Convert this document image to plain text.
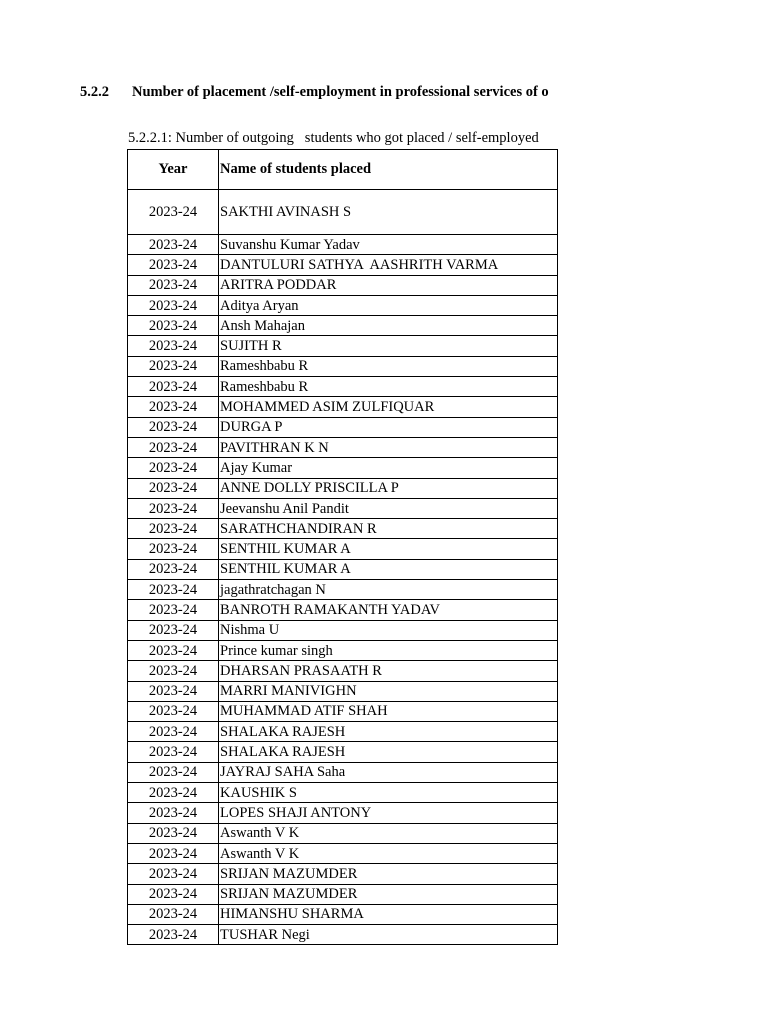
5.2.2 Number of placement /self-employment in professional services of o
5.2.2.1: Number of outgoing   students who got placed / self-employed
Year	Name of students placed
2023-24	SAKTHI AVINASH S
2023-24	Suvanshu Kumar Yadav
2023-24	DANTULURI SATHYA  AASHRITH VARMA
2023-24	ARITRA PODDAR
2023-24	Aditya Aryan
2023-24	Ansh Mahajan
2023-24	SUJITH R
2023-24	Rameshbabu R
2023-24	Rameshbabu R
2023-24	MOHAMMED ASIM ZULFIQUAR
2023-24	DURGA P
2023-24	PAVITHRAN K N
2023-24	Ajay Kumar
2023-24	ANNE DOLLY PRISCILLA P
2023-24	Jeevanshu Anil Pandit
2023-24	SARATHCHANDIRAN R
2023-24	SENTHIL KUMAR A
2023-24	SENTHIL KUMAR A
2023-24	jagathratchagan N
2023-24	BANROTH RAMAKANTH YADAV
2023-24	Nishma U
2023-24	Prince kumar singh
2023-24	DHARSAN PRASAATH R
2023-24	MARRI MANIVIGHN
2023-24	MUHAMMAD ATIF SHAH
2023-24	SHALAKA RAJESH
2023-24	SHALAKA RAJESH
2023-24	JAYRAJ SAHA Saha
2023-24	KAUSHIK S
2023-24	LOPES SHAJI ANTONY
2023-24	Aswanth V K
2023-24	Aswanth V K
2023-24	SRIJAN MAZUMDER
2023-24	SRIJAN MAZUMDER
2023-24	HIMANSHU SHARMA
2023-24	TUSHAR Negi
